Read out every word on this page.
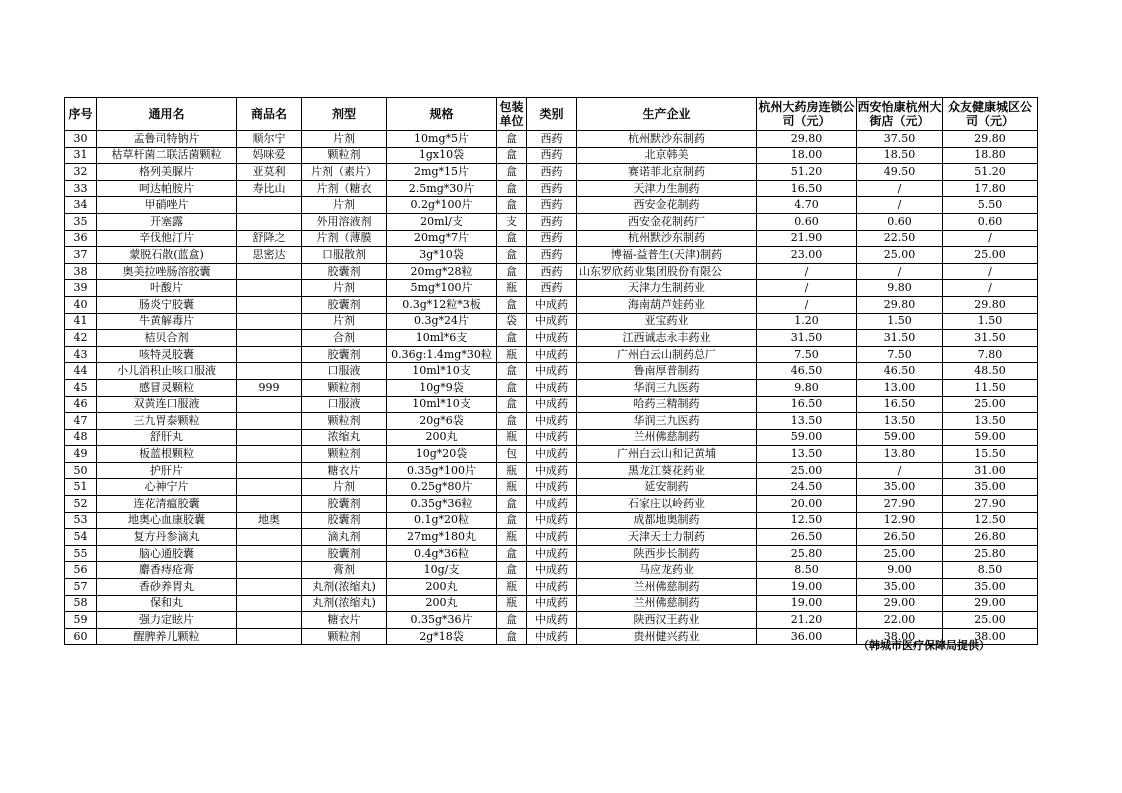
序号	通用名	商品名	剂型	规格	包装单位	类别	生产企业	杭州大药房连锁公司（元）	西安怡康杭州大街店（元）	众友健康城区公司（元）
30	孟鲁司特钠片	顺尔宁	片剂	10mg*5片	盒	西药	杭州默沙东制药	29.80	37.50	29.80
31	枯草杆菌二联活菌颗粒	妈咪爱	颗粒剂	1gx10袋	盒	西药	北京韩美	18.00	18.50	18.80
32	格列美脲片	亚莫利	片剂（素片）	2mg*15片	盒	西药	赛诺菲北京制药	51.20	49.50	51.20
33	呵达帕胺片	寿比山	片剂（糖衣	2.5mg*30片	盒	西药	天津力生制药	16.50	/	17.80
34	甲硝唑片		片剂	0.2g*100片	盒	西药	西安金花制药	4.70	/	5.50
35	开塞露		外用溶液剂	20ml/支	支	西药	西安金花制药厂	0.60	0.60	0.60
36	辛伐他汀片	舒降之	片剂（薄膜	20mg*7片	盒	西药	杭州默沙东制药	21.90	22.50	/
37	蒙脱石散(蓝盒)	思密达	口服散剂	3g*10袋	盒	西药	博福-益普生(天津)制药	23.00	25.00	25.00
38	奥美拉唑肠溶胶囊		胶囊剂	20mg*28粒	盒	西药	山东罗欣药业集团股份有限公	/	/	/
39	叶酸片		片剂	5mg*100片	瓶	西药	天津力生制药业	/	9.80	/
40	肠炎宁胶囊		胶囊剂	0.3g*12粒*3板	盒	中成药	海南葫芦娃药业	/	29.80	29.80
41	牛黄解毒片		片剂	0.3g*24片	袋	中成药	亚宝药业	1.20	1.50	1.50
42	桔贝合剂		合剂	10ml*6支	盒	中成药	江西诚志永丰药业	31.50	31.50	31.50
43	咳特灵胶囊		胶囊剂	0.36g:1.4mg*30粒	瓶	中成药	广州白云山制药总厂	7.50	7.50	7.80
44	小儿消积止咳口服液		口服液	10ml*10支	盒	中成药	鲁南厚普制药	46.50	46.50	48.50
45	感冒灵颗粒	999	颗粒剂	10g*9袋	盒	中成药	华润三九医药	9.80	13.00	11.50
46	双黄连口服液		口服液	10ml*10支	盒	中成药	哈药三精制药	16.50	16.50	25.00
47	三九胃泰颗粒		颗粒剂	20g*6袋	盒	中成药	华润三九医药	13.50	13.50	13.50
48	舒肝丸		浓缩丸	200丸	瓶	中成药	兰州佛慈制药	59.00	59.00	59.00
49	板蓝根颗粒		颗粒剂	10g*20袋	包	中成药	广州白云山和记黄埔	13.50	13.80	15.50
50	护肝片		糖衣片	0.35g*100片	瓶	中成药	黑龙江葵花药业	25.00	/	31.00
51	心神宁片		片剂	0.25g*80片	瓶	中成药	延安制药	24.50	35.00	35.00
52	连花清瘟胶囊		胶囊剂	0.35g*36粒	盒	中成药	石家庄以岭药业	20.00	27.90	27.90
53	地奥心血康胶囊	地奥	胶囊剂	0.1g*20粒	盒	中成药	成都地奥制药	12.50	12.90	12.50
54	复方丹参滴丸		滴丸剂	27mg*180丸	瓶	中成药	天津天士力制药	26.50	26.50	26.80
55	脑心通胶囊		胶囊剂	0.4g*36粒	盒	中成药	陕西步长制药	25.80	25.00	25.80
56	麝香痔疮膏		膏剂	10g/支	盒	中成药	马应龙药业	8.50	9.00	8.50
57	香砂养胃丸		丸剂(浓缩丸)	200丸	瓶	中成药	兰州佛慈制药	19.00	35.00	35.00
58	保和丸		丸剂(浓缩丸)	200丸	瓶	中成药	兰州佛慈制药	19.00	29.00	29.00
59	强力定眩片		糖衣片	0.35g*36片	盒	中成药	陕西汉王药业	21.20	22.00	25.00
60	醒脾养儿颗粒		颗粒剂	2g*18袋	盒	中成药	贵州健兴药业	36.00	38.00	38.00
（韩城市医疗保障局提供）
